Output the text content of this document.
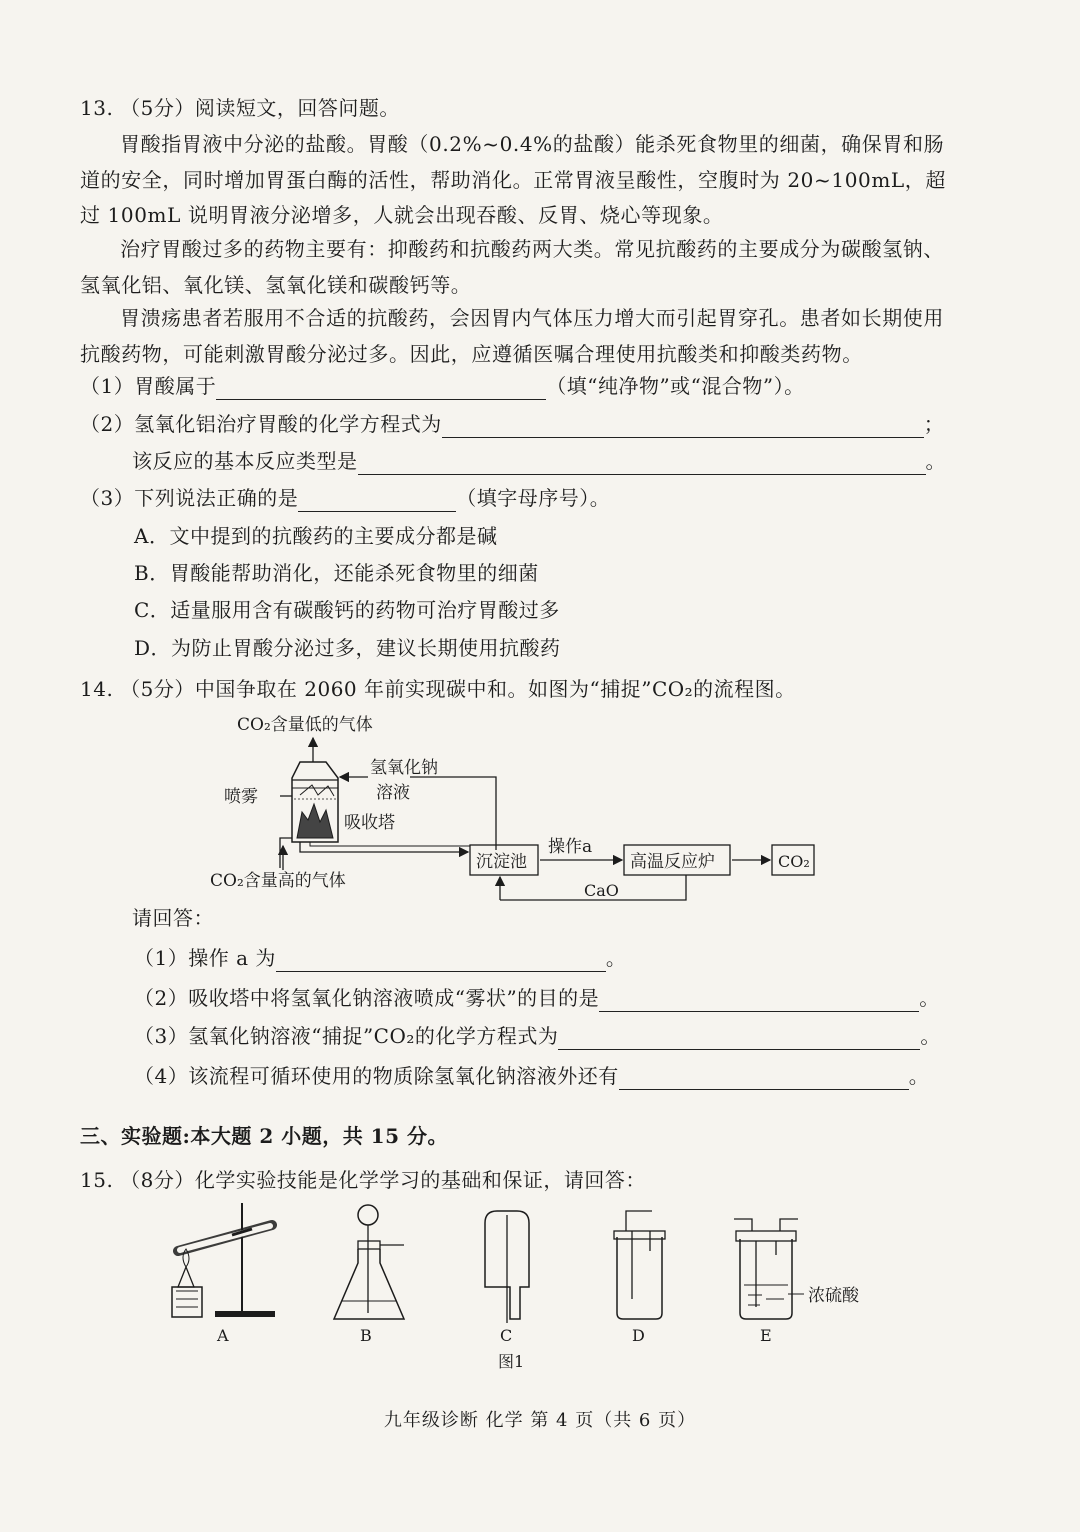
13. （5分）阅读短文，回答问题。

胃酸指胃液中分泌的盐酸。胃酸（0.2%~0.4%的盐酸）能杀死食物里的细菌，确保胃和肠道的安全，同时增加胃蛋白酶的活性，帮助消化。正常胃液呈酸性，空腹时为 20~100mL，超过 100mL 说明胃液分泌增多，人就会出现吞酸、反胃、烧心等现象。

治疗胃酸过多的药物主要有：抑酸药和抗酸药两大类。常见抗酸药的主要成分为碳酸氢钠、氢氧化铝、氧化镁、氢氧化镁和碳酸钙等。

胃溃疡患者若服用不合适的抗酸药，会因胃内气体压力增大而引起胃穿孔。患者如长期使用抗酸药物，可能刺激胃酸分泌过多。因此，应遵循医嘱合理使用抗酸类和抑酸类药物。

（1）胃酸属于	（填“纯净物”或“混合物”）。
（2）氢氧化铝治疗胃酸的化学方程式为	；
该反应的基本反应类型是	。
（3）下列说法正确的是	（填字母序号）。
A．文中提到的抗酸药的主要成分都是碱
B．胃酸能帮助消化，还能杀死食物里的细菌
C．适量服用含有碳酸钙的药物可治疗胃酸过多
D．为防止胃酸分泌过多，建议长期使用抗酸药
14. （5分）中国争取在 2060 年前实现碳中和。如图为“捕捉”CO₂的流程图。
CO₂含量低的气体
氢氧化钠
溶液
喷雾
吸收塔
CO₂含量高的气体
沉淀池
操作a
高温反应炉	CO₂
CaO
请回答：
（1）操作 a 为	。
（2）吸收塔中将氢氧化钠溶液喷成“雾状”的目的是	。
（3）氢氧化钠溶液“捕捉”CO₂的化学方程式为	。
（4）该流程可循环使用的物质除氢氧化钠溶液外还有	。
三、实验题:本大题 2 小题，共 15 分。
15. （8分）化学实验技能是化学学习的基础和保证，请回答：
A	B	C	D
浓硫酸
E
图1
九年级诊断 化学 第 4 页（共 6 页）
